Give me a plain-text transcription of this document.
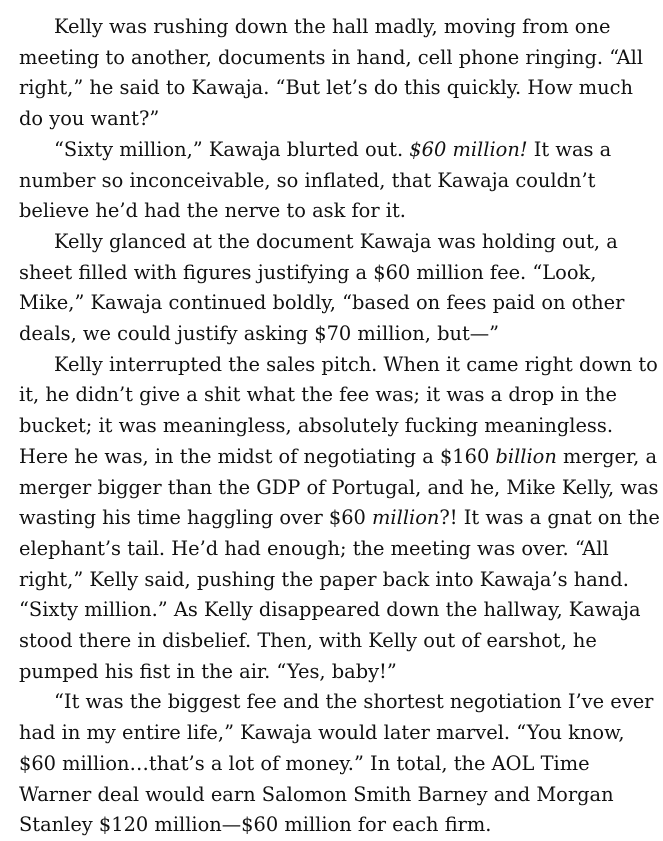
Kelly was rushing down the hall madly, moving from one
meeting to another, documents in hand, cell phone ringing. “All
right,” he said to Kawaja. “But let’s do this quickly. How much
do you want?”
“Sixty million,” Kawaja blurted out. $60 million! It was a
number so inconceivable, so inflated, that Kawaja couldn’t
believe he’d had the nerve to ask for it.
Kelly glanced at the document Kawaja was holding out, a
sheet filled with figures justifying a $60 million fee. “Look,
Mike,” Kawaja continued boldly, “based on fees paid on other
deals, we could justify asking $70 million, but—”
Kelly interrupted the sales pitch. When it came right down to
it, he didn’t give a shit what the fee was; it was a drop in the
bucket; it was meaningless, absolutely fucking meaningless.
Here he was, in the midst of negotiating a $160 billion merger, a
merger bigger than the GDP of Portugal, and he, Mike Kelly, was
wasting his time haggling over $60 million?! It was a gnat on the
elephant’s tail. He’d had enough; the meeting was over. “All
right,” Kelly said, pushing the paper back into Kawaja’s hand.
“Sixty million.” As Kelly disappeared down the hallway, Kawaja
stood there in disbelief. Then, with Kelly out of earshot, he
pumped his fist in the air. “Yes, baby!”
“It was the biggest fee and the shortest negotiation I’ve ever
had in my entire life,” Kawaja would later marvel. “You know,
$60 million…that’s a lot of money.” In total, the AOL Time
Warner deal would earn Salomon Smith Barney and Morgan
Stanley $120 million—$60 million for each firm.
